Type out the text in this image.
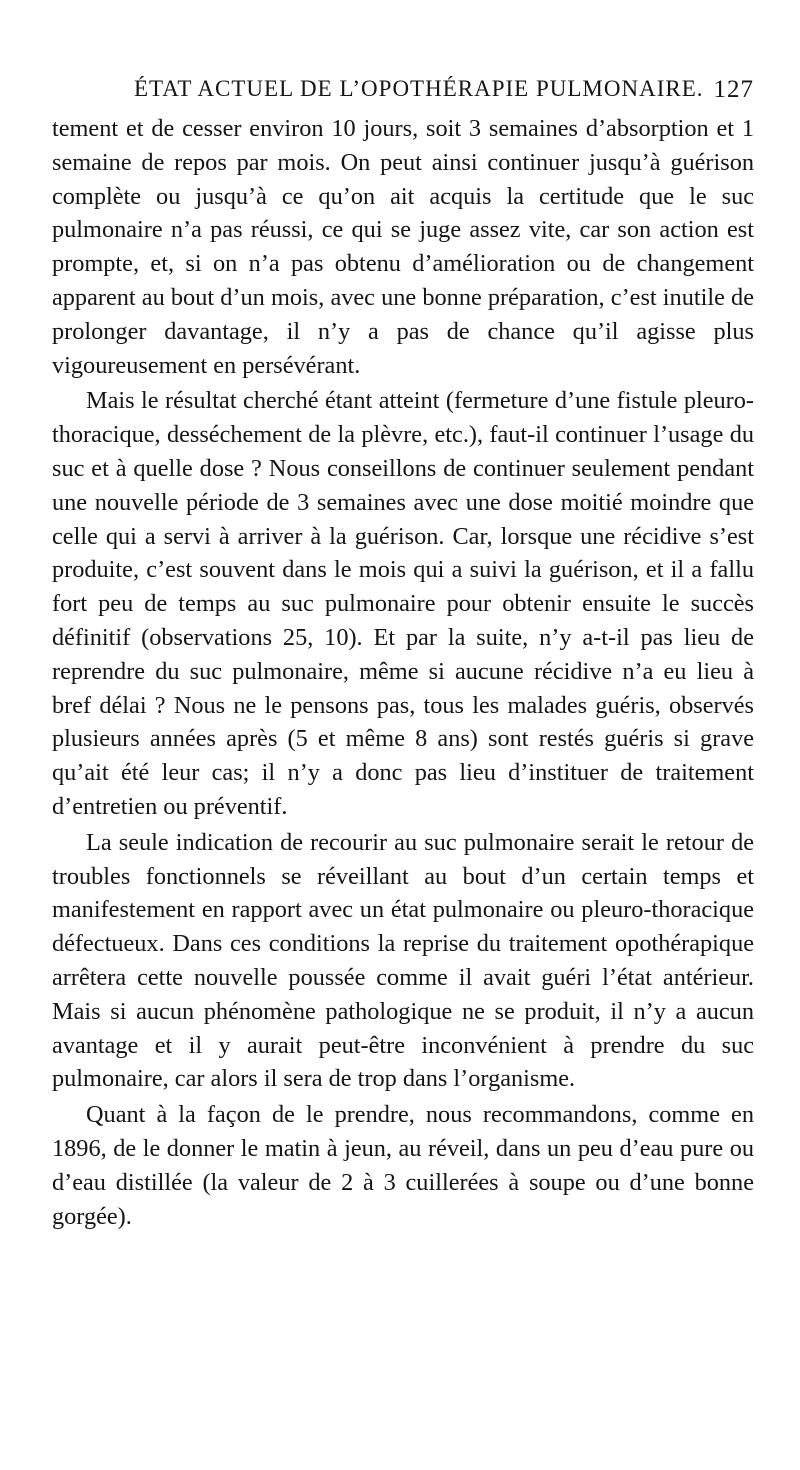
ÉTAT ACTUEL DE L’OPOTHÉRAPIE PULMONAIRE. 127

tement et de cesser environ 10 jours, soit 3 semaines d’absorption et 1 semaine de repos par mois. On peut ainsi continuer jusqu’à guérison complète ou jusqu’à ce qu’on ait acquis la certitude que le suc pulmonaire n’a pas réussi, ce qui se juge assez vite, car son action est prompte, et, si on n’a pas obtenu d’amélioration ou de changement apparent au bout d’un mois, avec une bonne préparation, c’est inutile de prolonger davantage, il n’y a pas de chance qu’il agisse plus vigoureusement en persévérant.

Mais le résultat cherché étant atteint (fermeture d’une fistule pleuro-thoracique, desséchement de la plèvre, etc.), faut-il continuer l’usage du suc et à quelle dose ? Nous conseillons de continuer seulement pendant une nouvelle période de 3 semaines avec une dose moitié moindre que celle qui a servi à arriver à la guérison. Car, lorsque une récidive s’est produite, c’est souvent dans le mois qui a suivi la guérison, et il a fallu fort peu de temps au suc pulmonaire pour obtenir ensuite le succès définitif (observations 25, 10). Et par la suite, n’y a-t-il pas lieu de reprendre du suc pulmonaire, même si aucune récidive n’a eu lieu à bref délai ? Nous ne le pensons pas, tous les malades guéris, observés plusieurs années après (5 et même 8 ans) sont restés guéris si grave qu’ait été leur cas; il n’y a donc pas lieu d’instituer de traitement d’entretien ou préventif.

La seule indication de recourir au suc pulmonaire serait le retour de troubles fonctionnels se réveillant au bout d’un certain temps et manifestement en rapport avec un état pulmonaire ou pleuro-thoracique défectueux. Dans ces conditions la reprise du traitement opothérapique arrêtera cette nouvelle poussée comme il avait guéri l’état antérieur. Mais si aucun phénomène pathologique ne se produit, il n’y a aucun avantage et il y aurait peut-être inconvénient à prendre du suc pulmonaire, car alors il sera de trop dans l’organisme.

Quant à la façon de le prendre, nous recommandons, comme en 1896, de le donner le matin à jeun, au réveil, dans un peu d’eau pure ou d’eau distillée (la valeur de 2 à 3 cuillerées à soupe ou d’une bonne gorgée).
